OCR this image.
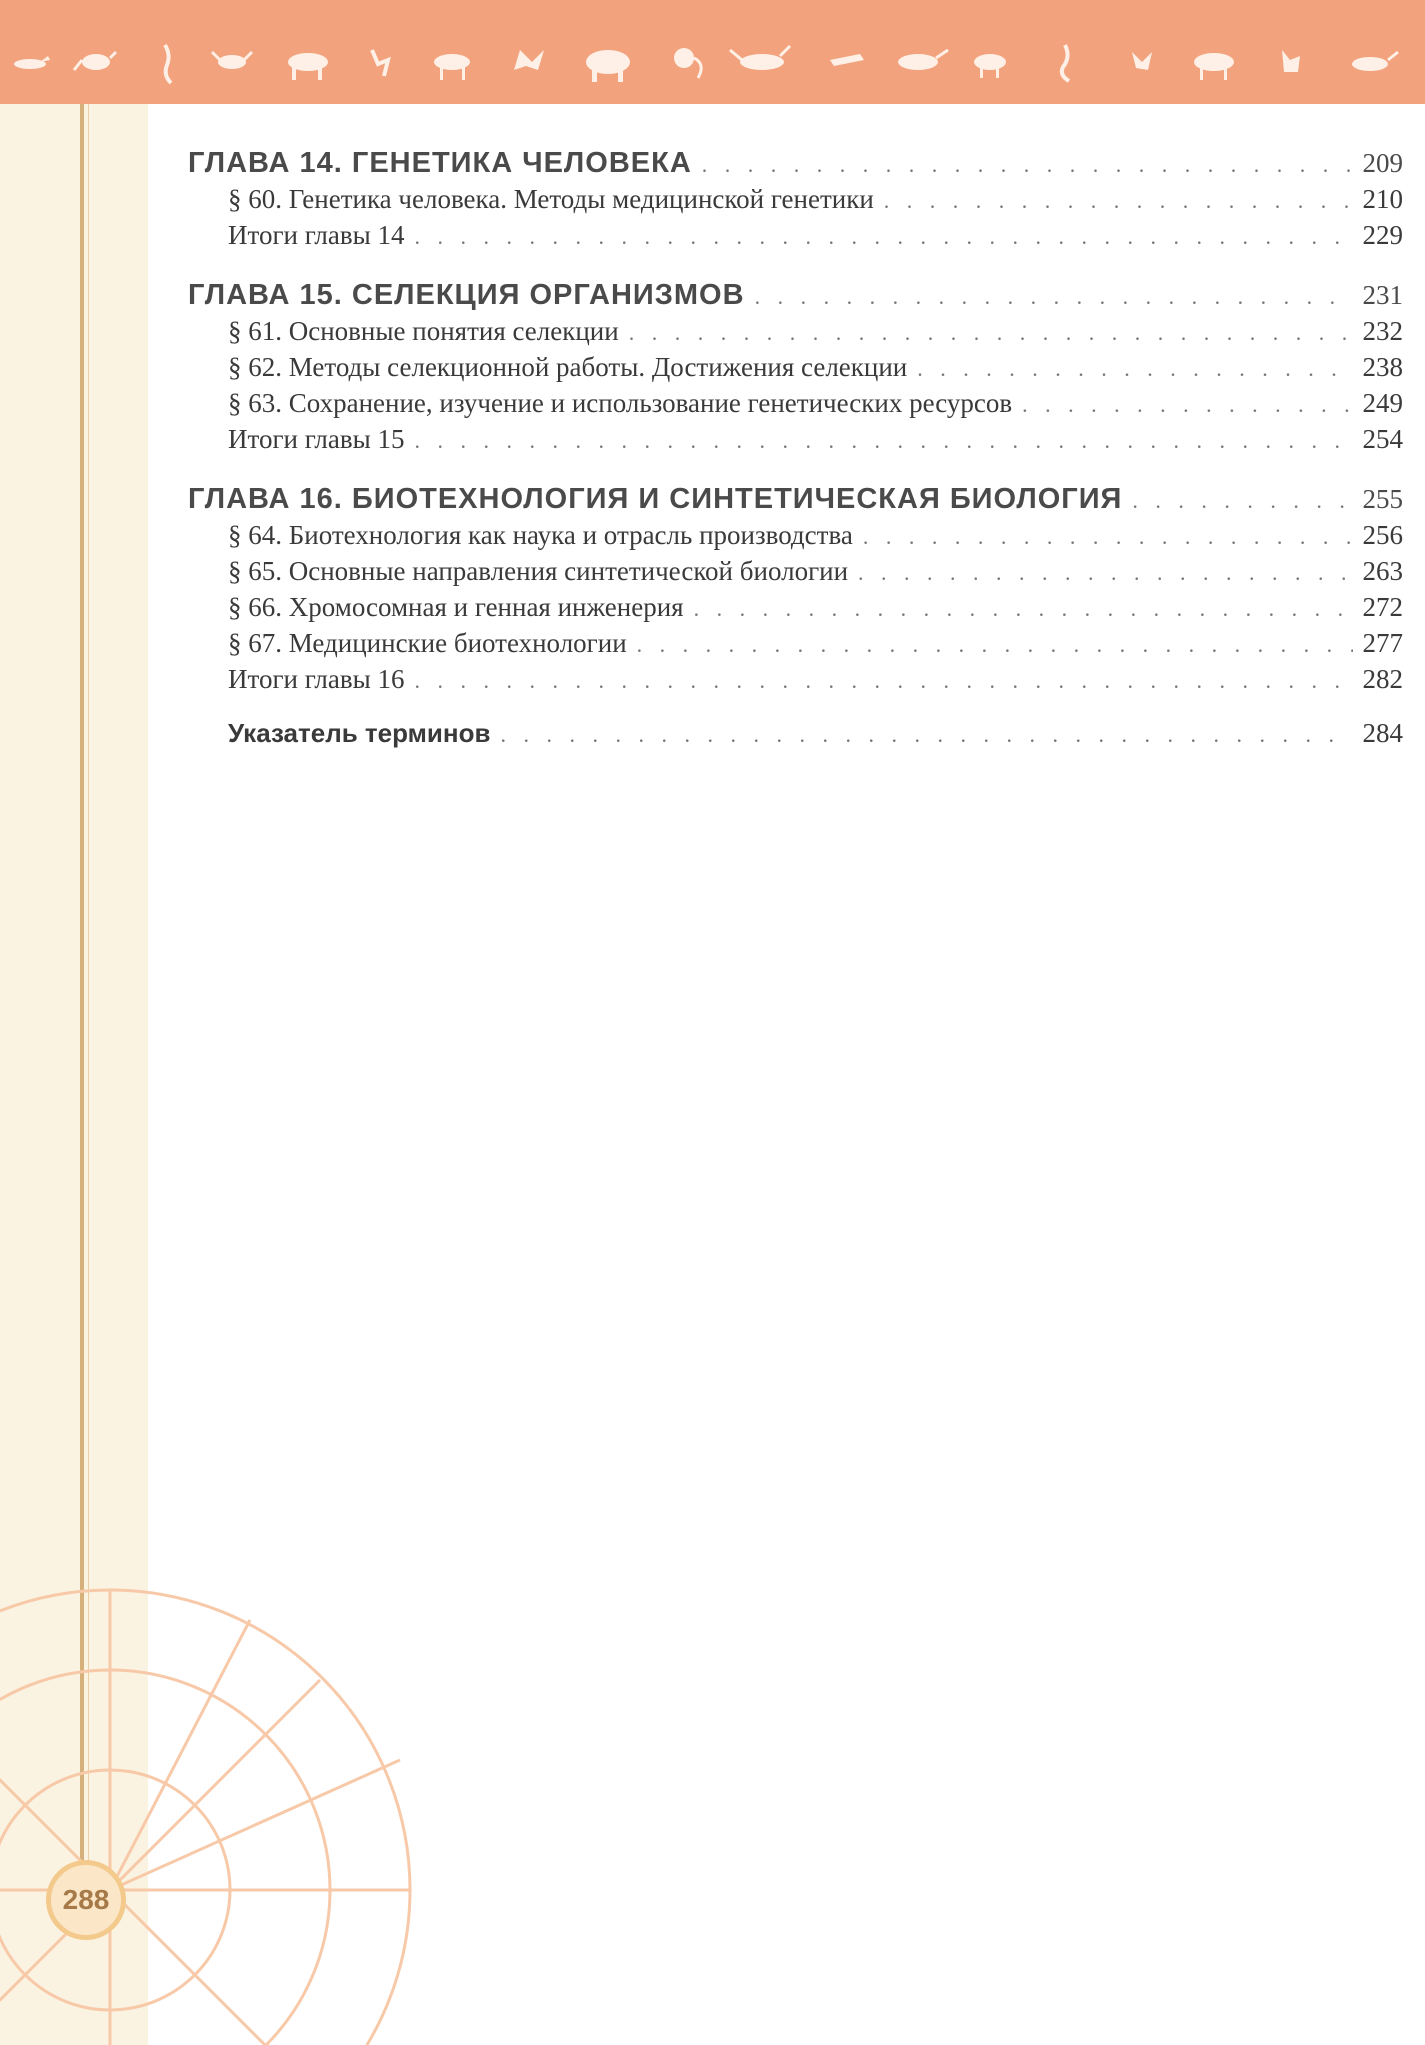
288
ГЛАВА 14. ГЕНЕТИКА ЧЕЛОВЕКА . . .	209
§ 60. Генетика человека. Методы медицинской генетики . . .	210
Итоги главы 14 . . .	229
ГЛАВА 15. СЕЛЕКЦИЯ ОРГАНИЗМОВ . . .	231
§ 61. Основные понятия селекции . . .	232
§ 62. Методы селекционной работы. Достижения селекции . . .	238
§ 63. Сохранение, изучение и использование генетических ресурсов . . .	249
Итоги главы 15 . . .	254
ГЛАВА 16. БИОТЕХНОЛОГИЯ И СИНТЕТИЧЕСКАЯ БИОЛОГИЯ . . .	255
§ 64. Биотехнология как наука и отрасль производства . . .	256
§ 65. Основные направления синтетической биологии . . .	263
§ 66. Хромосомная и генная инженерия . . .	272
§ 67. Медицинские биотехнологии . . .	277
Итоги главы 16 . . .	282
Указатель терминов . . .	284
